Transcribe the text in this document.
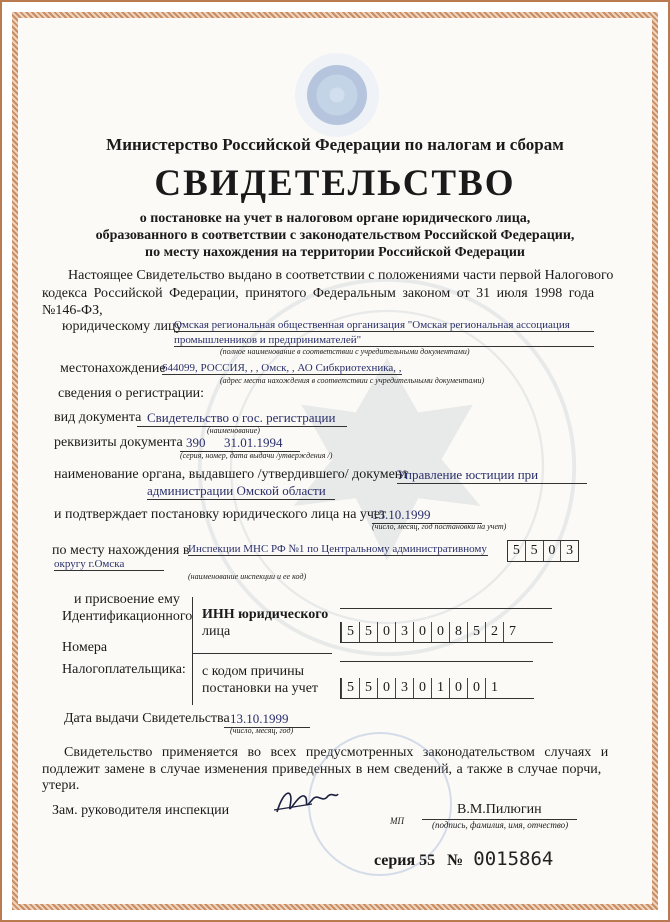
Министерство Российской Федерации по налогам и сборам
СВИДЕТЕЛЬСТВО
о постановке на учет в налоговом органе юридического лица,
образованного в соответствии с законодательством Российской Федерации,
по месту нахождения на территории Российской Федерации
Настоящее Свидетельство выдано в соответствии с положениями части первой Налогового
кодекса Российской Федерации, принятого Федеральным законом от 31 июля 1998 года
№146-ФЗ,
юридическому лицу
Омская региональная общественная организация "Омская региональная ассоциация
промышленников и предпринимателей"
(полное наименование в соответствии с учредительными документами)
местонахождение
644099, РОССИЯ, , , Омск, , АО Сибкриотехника, ,
(адрес места нахождения в соответствии с учредительными документами)
сведения о регистрации:
вид документа Свидетельство о гос. регистрации
(наименование)
реквизиты документа 390	31.01.1994
(серия, номер, дата выдачи /утверждения /)
наименование органа, выдавшего /утвердившего/ документ
Управление юстиции при
администрации Омской области
и подтверждает постановку юридического лица на учет
13.10.1999
(число, месяц, год постановки на учет)
по месту нахождения в
Инспекции МНС РФ №1 по Центральному административному
округу г.Омска
(наименование инспекции и ее код)
5 5 0 3
и присвоение ему
Идентификационного
Номера
Налогоплательщика:
ИНН юридического
лица	5 5 0 3 0 0 8 5 2 7
с кодом причины
постановки на учет	5 5 0 3 0 1 0 0 1
Дата выдачи Свидетельства 13.10.1999
(число, месяц, год)
Свидетельство применяется во всех предусмотренных законодательством случаях и
подлежит замене в случае изменения приведенных в нем сведений, а также в случае порчи,
утери.
Зам. руководителя инспекции
МП
В.М.Пилюгин
(подпись, фамилия, имя, отчество)
серия 55 № 0015864
